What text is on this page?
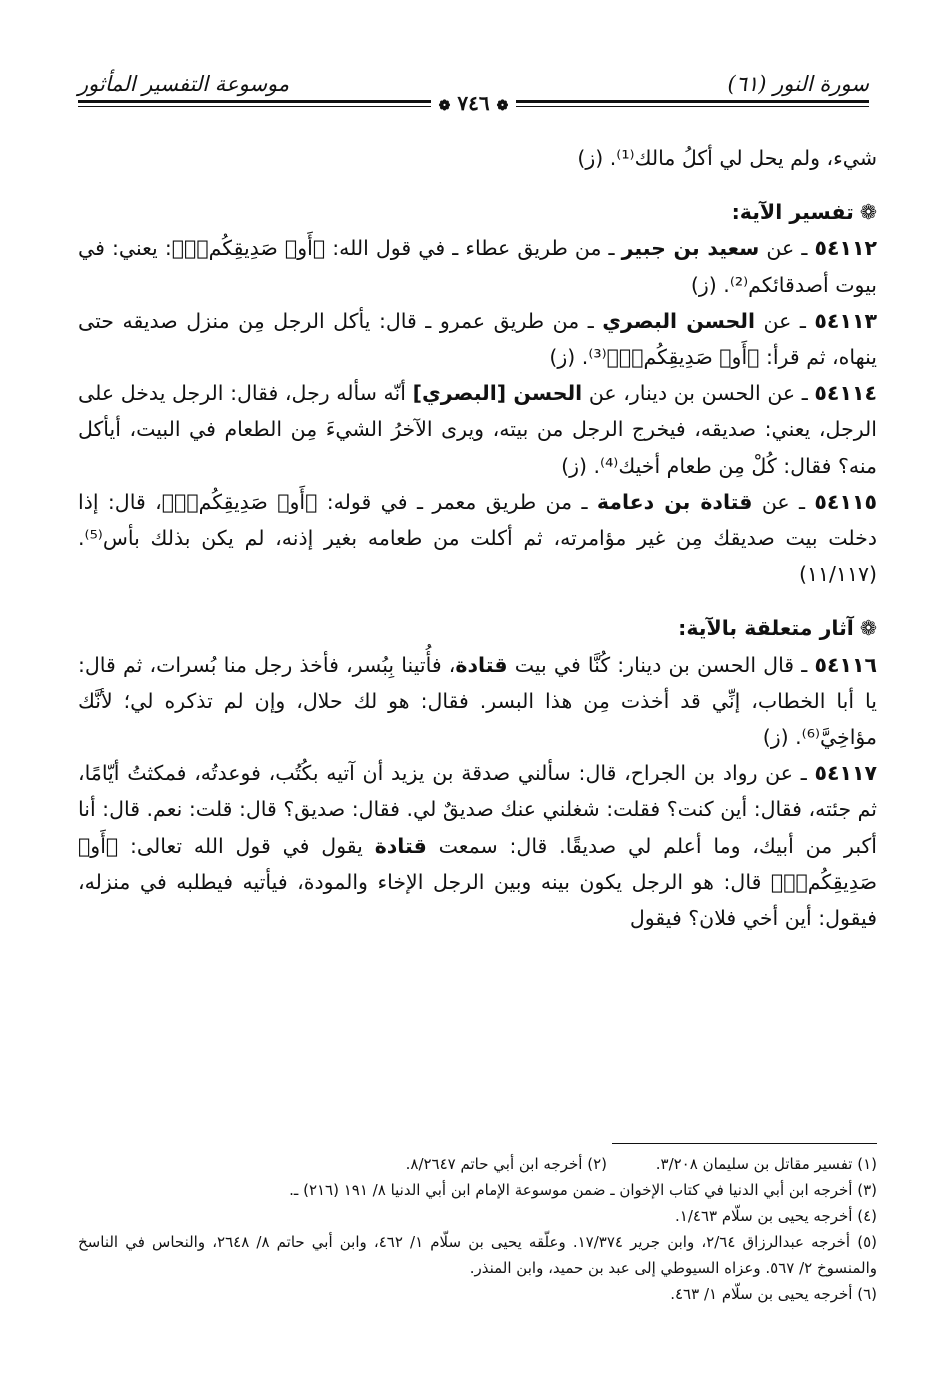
سورة النور (٦١)
موسوعة التفسير المأثور
❁ ٧٤٦ ❁

شيء، ولم يحل لي أكلُ مالك⁽¹⁾. (ز)

❁تفسير الآية:

٥٤١١٢ ـ عن سعيد بن جبير ـ من طريق عطاء ـ في قول الله: ﴿أَوۡ صَدِيقِكُمۡۚ﴾: يعني: في بيوت أصدقائكم⁽²⁾. (ز)

٥٤١١٣ ـ عن الحسن البصري ـ من طريق عمرو ـ قال: يأكل الرجل مِن منزل صديقه حتى ينهاه، ثم قرأ: ﴿أَوۡ صَدِيقِكُمۡۚ﴾⁽³⁾. (ز)

٥٤١١٤ ـ عن الحسن بن دينار، عن الحسن [البصري] أنّه سأله رجل، فقال: الرجل يدخل على الرجل، يعني: صديقه، فيخرج الرجل من بيته، ويرى الآخرُ الشيءَ مِن الطعام في البيت، أيأكل منه؟ فقال: كُلْ مِن طعام أخيك⁽⁴⁾. (ز)

٥٤١١٥ ـ عن قتادة بن دعامة ـ من طريق معمر ـ في قوله: ﴿أَوۡ صَدِيقِكُمۡۚ﴾، قال: إذا دخلت بيت صديقك مِن غير مؤامرته، ثم أكلت من طعامه بغير إذنه، لم يكن بذلك بأس⁽⁵⁾. (١١/١١٧)

❁آثار متعلقة بالآية:

٥٤١١٦ ـ قال الحسن بن دينار: كُنَّا في بيت قتادة، فأُتينا بِبُسر، فأخذ رجل منا بُسرات، ثم قال: يا أبا الخطاب، إنِّي قد أخذت مِن هذا البسر. فقال: هو لك حلال، وإن لم تذكره لي؛ لأنَّك مؤاخِيَّ⁽⁶⁾. (ز)

٥٤١١٧ ـ عن رواد بن الجراح، قال: سألني صدقة بن يزيد أن آتيه بكُتُب، فوعدتُه، فمكثتُ أيّامًا، ثم جئته، فقال: أين كنت؟ فقلت: شغلني عنك صديقٌ لي. فقال: صديق؟ قال: قلت: نعم. قال: أنا أكبر من أبيك، وما أعلم لي صديقًا. قال: سمعت قتادة يقول في قول الله تعالى: ﴿أَوۡ صَدِيقِكُمۡۚ﴾ قال: هو الرجل يكون بينه وبين الرجل الإخاء والمودة، فيأتيه فيطلبه في منزله، فيقول: أين أخي فلان؟ فيقول

(١) تفسير مقاتل بن سليمان ٣/٢٠٨.
(٢) أخرجه ابن أبي حاتم ٨/٢٦٤٧.

(٣) أخرجه ابن أبي الدنيا في كتاب الإخوان ـ ضمن موسوعة الإمام ابن أبي الدنيا ٨/ ١٩١ (٢١٦) ـ.

(٤) أخرجه يحيى بن سلّام ١/٤٦٣.

(٥) أخرجه عبدالرزاق ٢/٦٤، وابن جرير ١٧/٣٧٤. وعلّقه يحيى بن سلّام ١/ ٤٦٢، وابن أبي حاتم ٨/ ٢٦٤٨، والنحاس في الناسخ والمنسوخ ٢/ ٥٦٧. وعزاه السيوطي إلى عبد بن حميد، وابن المنذر.

(٦) أخرجه يحيى بن سلّام ١/ ٤٦٣.
